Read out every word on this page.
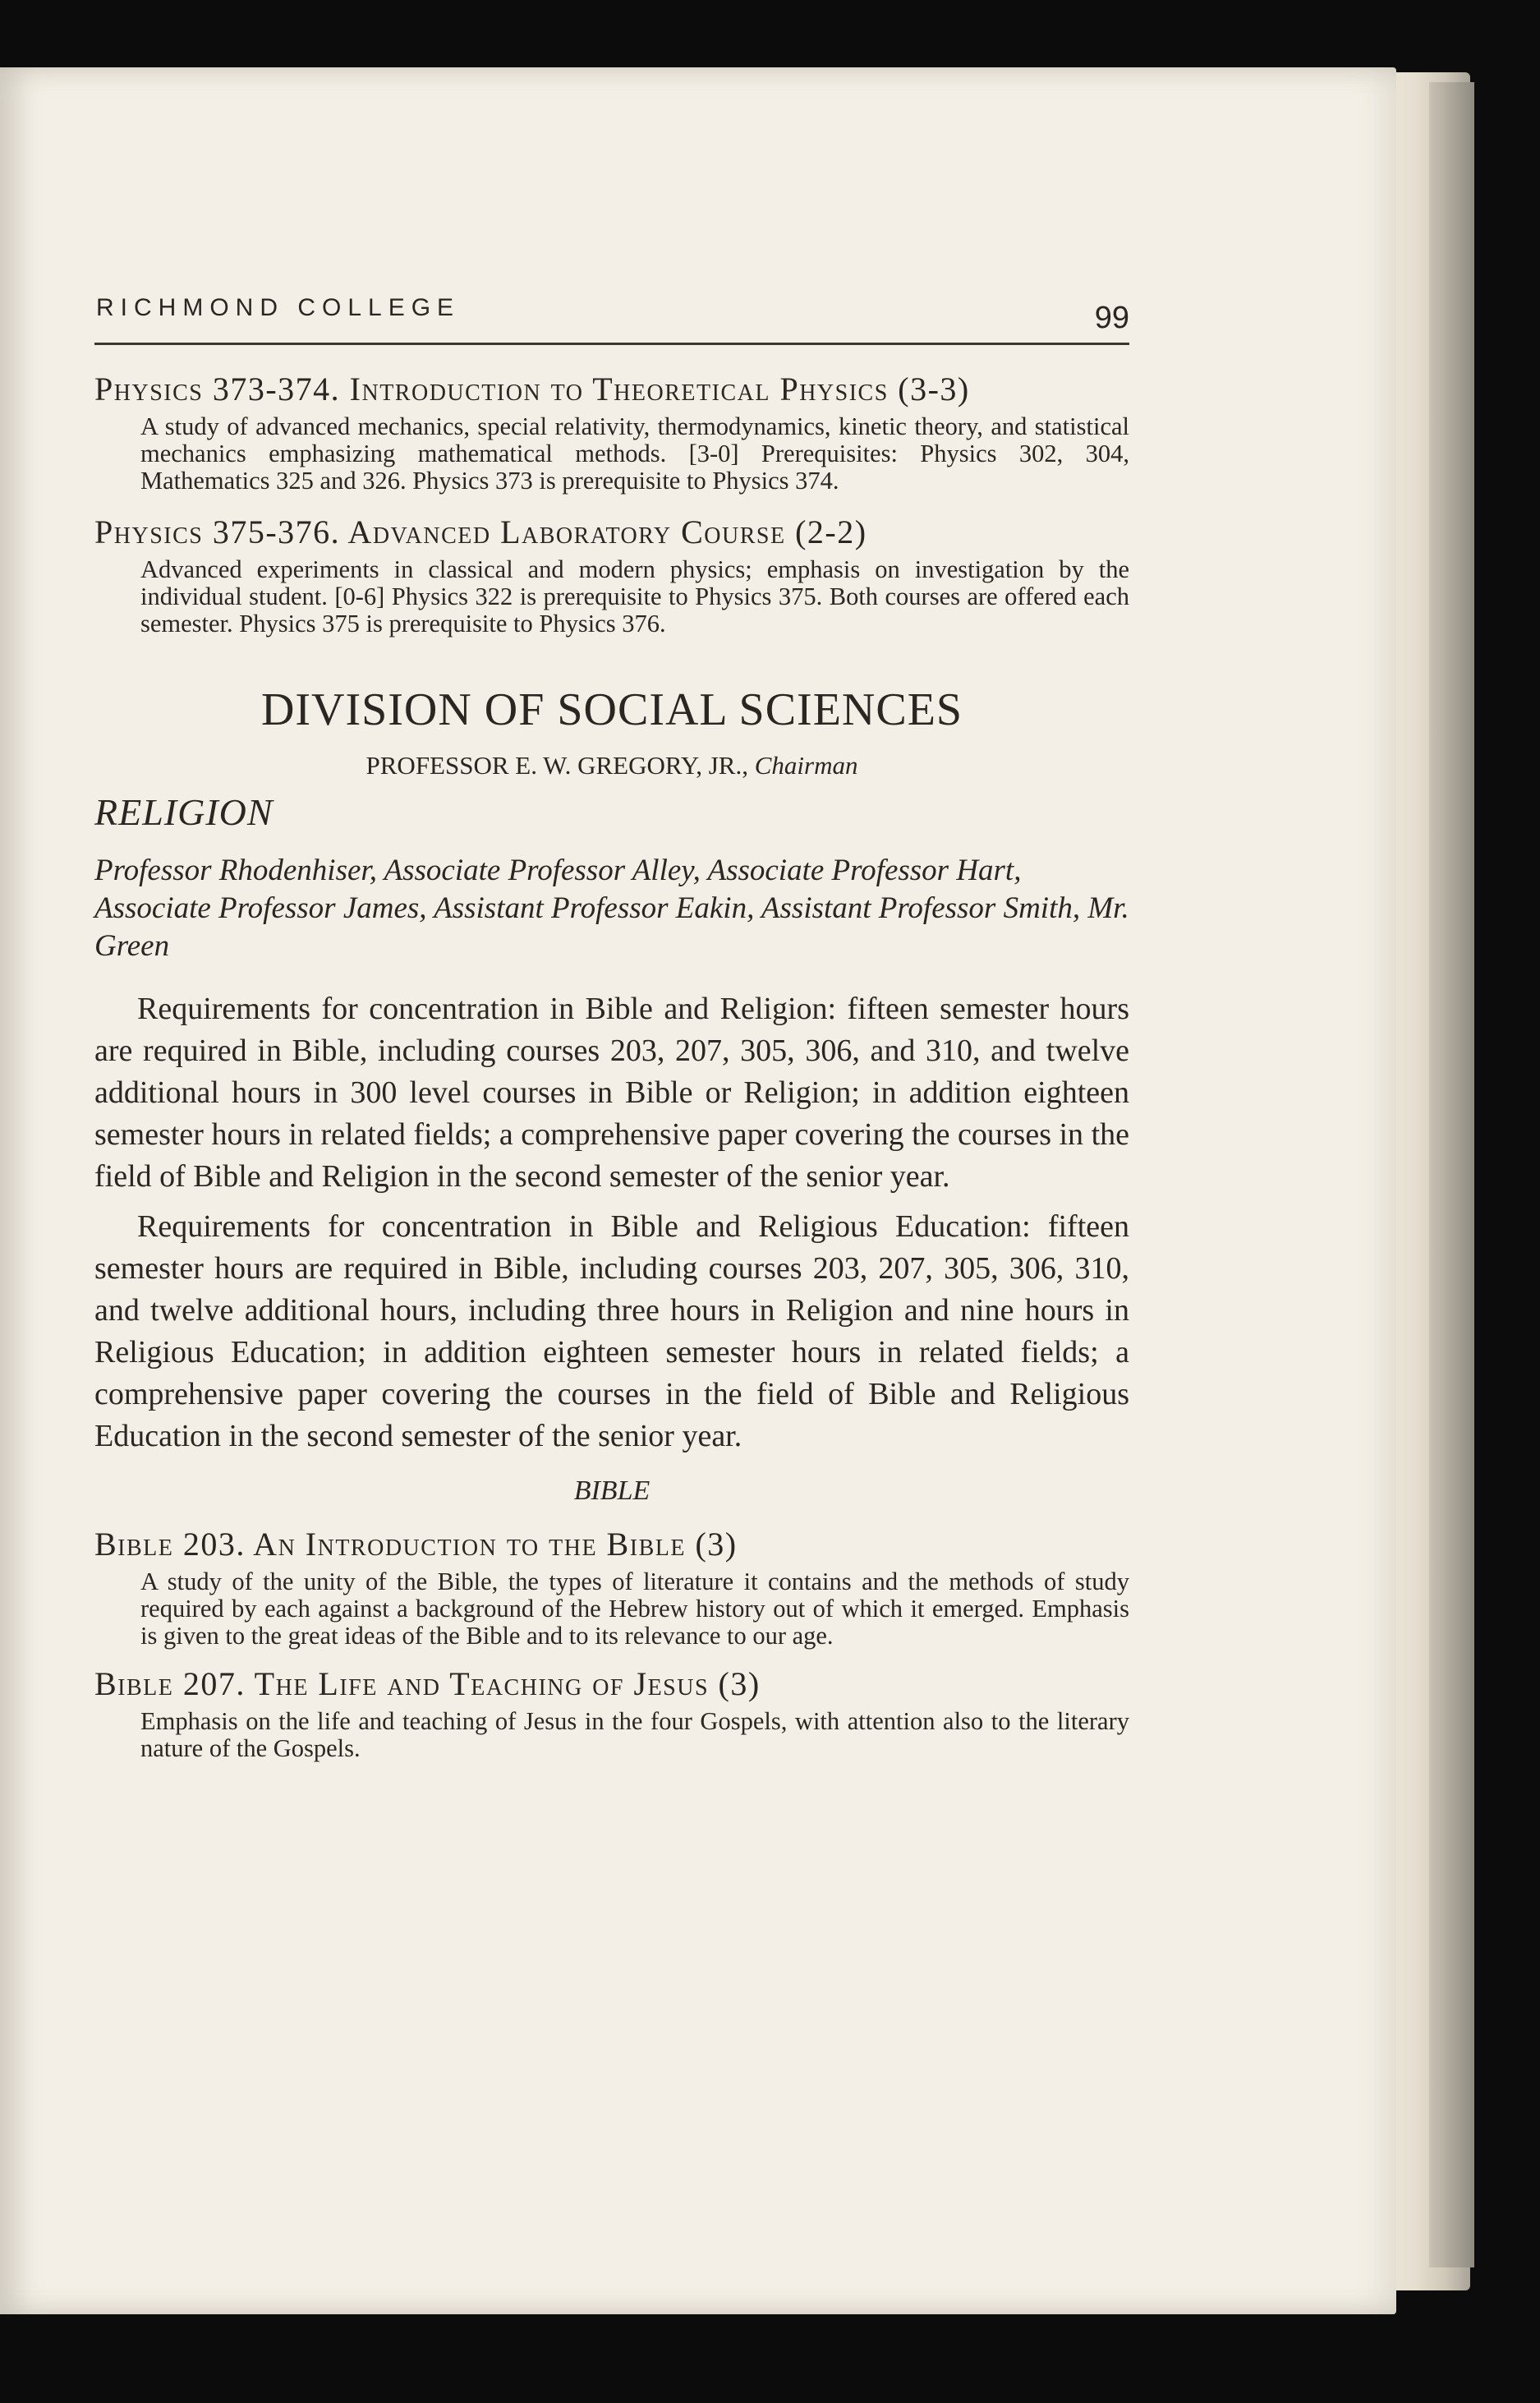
RICHMOND COLLEGE	99

Physics 373-374. Introduction to Theoretical Physics (3-3)

A study of advanced mechanics, special relativity, thermodynamics, kinetic theory, and statistical mechanics emphasizing mathematical methods. [3-0] Prerequisites: Physics 302, 304, Mathematics 325 and 326. Physics 373 is prerequisite to Physics 374.

Physics 375-376. Advanced Laboratory Course (2-2)

Advanced experiments in classical and modern physics; emphasis on investigation by the individual student. [0-6] Physics 322 is prerequisite to Physics 375. Both courses are offered each semester. Physics 375 is prerequisite to Physics 376.

DIVISION OF SOCIAL SCIENCES

PROFESSOR E. W. GREGORY, JR., Chairman

RELIGION

Professor Rhodenhiser, Associate Professor Alley, Associate Professor Hart, Associate Professor James, Assistant Professor Eakin, Assistant Professor Smith, Mr. Green

Requirements for concentration in Bible and Religion: fifteen semester hours are required in Bible, including courses 203, 207, 305, 306, and 310, and twelve additional hours in 300 level courses in Bible or Religion; in addition eighteen semester hours in related fields; a comprehensive paper covering the courses in the field of Bible and Religion in the second semester of the senior year.

Requirements for concentration in Bible and Religious Education: fifteen semester hours are required in Bible, including courses 203, 207, 305, 306, 310, and twelve additional hours, including three hours in Religion and nine hours in Religious Education; in addition eighteen semester hours in related fields; a comprehensive paper covering the courses in the field of Bible and Religious Education in the second semester of the senior year.

BIBLE

Bible 203. An Introduction to the Bible (3)

A study of the unity of the Bible, the types of literature it contains and the methods of study required by each against a background of the Hebrew history out of which it emerged. Emphasis is given to the great ideas of the Bible and to its relevance to our age.

Bible 207. The Life and Teaching of Jesus (3)

Emphasis on the life and teaching of Jesus in the four Gospels, with attention also to the literary nature of the Gospels.
